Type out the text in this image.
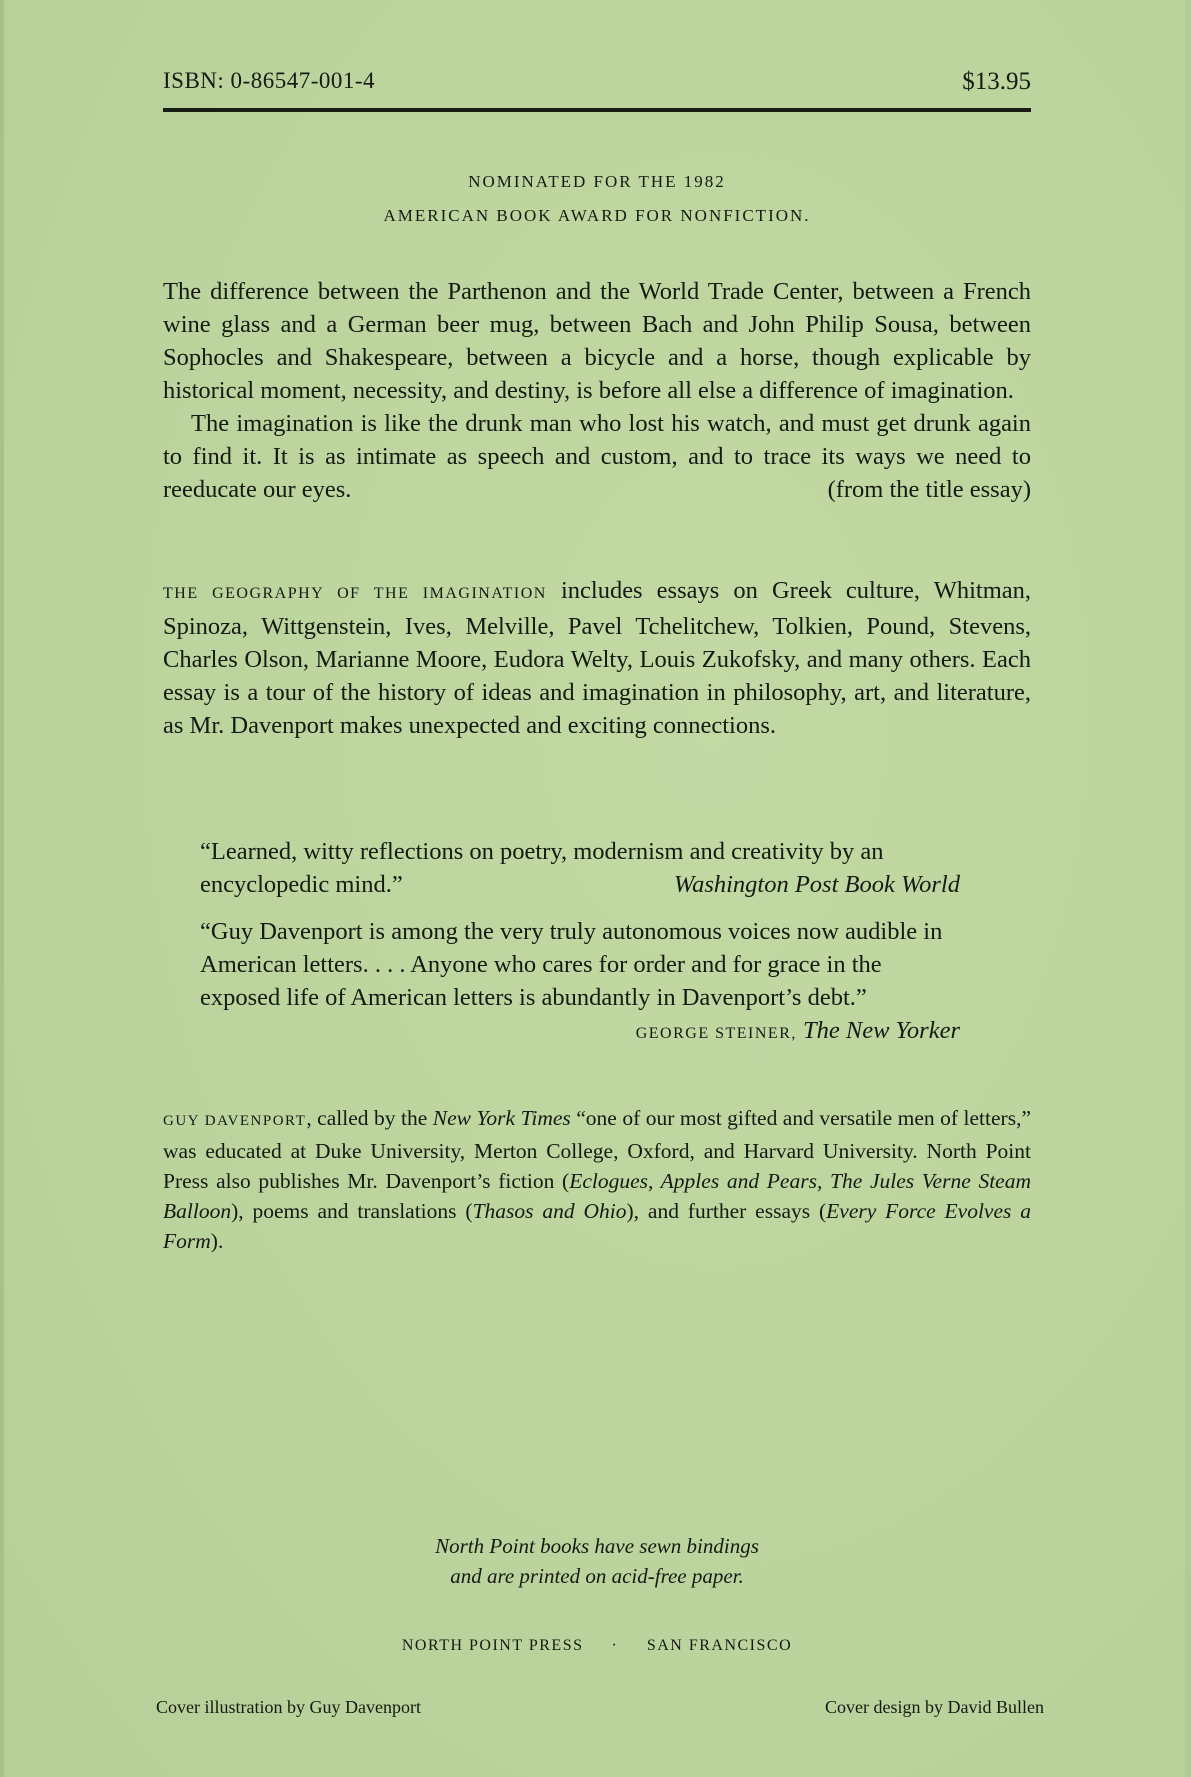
ISBN: 0-86547-001-4	$13.95
NOMINATED FOR THE 1982
AMERICAN BOOK AWARD FOR NONFICTION.

The difference between the Parthenon and the World Trade Center, between a French wine glass and a German beer mug, between Bach and John Philip Sousa, between Sophocles and Shakespeare, between a bicycle and a horse, though explicable by historical moment, necessity, and destiny, is before all else a difference of imagination.

The imagination is like the drunk man who lost his watch, and must get drunk again to find it. It is as intimate as speech and custom, and to trace its ways we need to reeducate our eyes.	(from the title essay)

THE GEOGRAPHY OF THE IMAGINATION includes essays on Greek culture, Whitman, Spinoza, Wittgenstein, Ives, Melville, Pavel Tchelitchew, Tolkien, Pound, Stevens, Charles Olson, Marianne Moore, Eudora Welty, Louis Zukofsky, and many others. Each essay is a tour of the history of ideas and imagination in philosophy, art, and literature, as Mr. Davenport makes unexpected and exciting connections.
“Learned, witty reflections on poetry, modernism and creativity by an encyclopedic mind.”	Washington Post Book World
“Guy Davenport is among the very truly autonomous voices now audible in American letters. . . . Anyone who cares for order and for grace in the exposed life of American letters is abundantly in Davenport’s debt.”
GEORGE STEINER, The New Yorker
GUY DAVENPORT, called by the New York Times “one of our most gifted and versatile men of letters,” was educated at Duke University, Merton College, Oxford, and Harvard University. North Point Press also publishes Mr. Davenport’s fiction (Eclogues, Apples and Pears, The Jules Verne Steam Balloon), poems and translations (Thasos and Ohio), and further essays (Every Force Evolves a Form).
North Point books have sewn bindings
and are printed on acid-free paper.
NORTH POINT PRESS · SAN FRANCISCO
Cover illustration by Guy Davenport	Cover design by David Bullen
